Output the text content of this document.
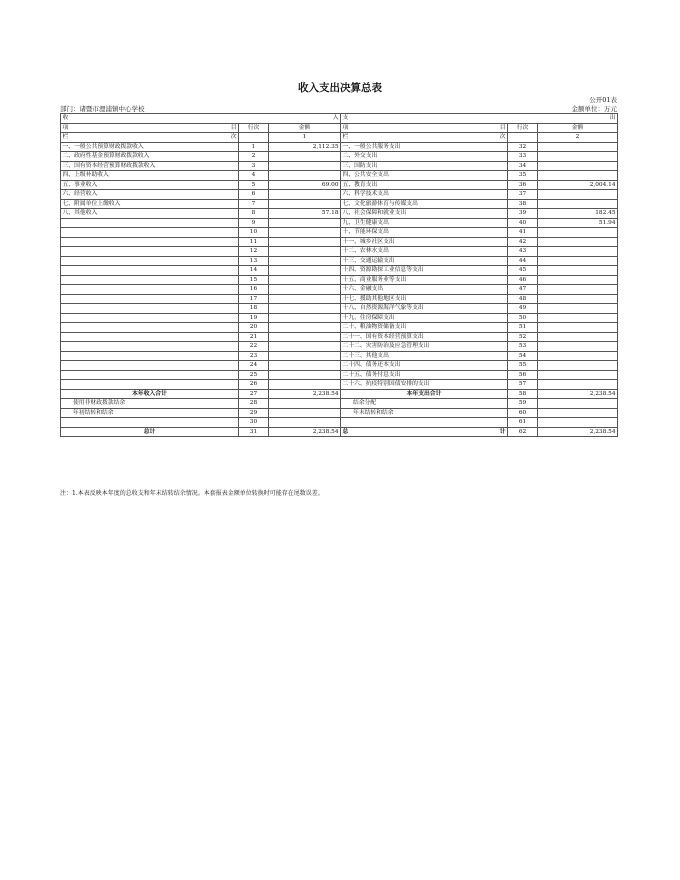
收入支出决算总表
公开01表
部门：诸暨市浬浦镇中心学校	金额单位：万元
收 入			支 出		

项 目	行次	金额	项 目	行次	金额

栏 次		1	栏 次		2
一、一般公共预算财政拨款收入	1	2,112.35	一、一般公共服务支出	32	
二、政府性基金预算财政拨款收入	2		二、外交支出	33	
三、国有资本经营预算财政拨款收入	3		三、国防支出	34	
四、上级补助收入	4		四、公共安全支出	35	
五、事业收入	5	69.00	五、教育支出	36	2,004.14
六、经营收入	6		六、科学技术支出	37	
七、附属单位上缴收入	7		七、文化旅游体育与传媒支出	38	
八、其他收入	8	57.18	八、社会保障和就业支出	39	182.45
	9		九、卫生健康支出	40	51.94
	10		十、节能环保支出	41	
	11		十一、城乡社区支出	42	
	12		十二、农林水支出	43	
	13		十三、交通运输支出	44	
	14		十四、资源勘探工业信息等支出	45	
	15		十五、商业服务业等支出	46	
	16		十六、金融支出	47	
	17		十七、援助其他地区支出	48	
	18		十八、自然资源海洋气象等支出	49	
	19		十九、住房保障支出	50	
	20		二十、粮油物资储备支出	51	
	21		二十一、国有资本经营预算支出	52	
	22		二十二、灾害防治及应急管理支出	53	
	23		二十三、其他支出	54	
	24		二十四、债务还本支出	55	
	25		二十五、债务付息支出	56	
	26		二十六、抗疫特别国债安排的支出	57	
本年收入合计	27	2,238.54	本年支出合计	58	2,238.54
使用非财政拨款结余	28		结余分配	59	
年初结转和结余	29		年末结转和结余	60	
	30			61	
总计	31	2,238.54	总 计	62	2,238.54
注：1.本表反映本年度的总收支和年末结转结余情况。本套报表金额单位转换时可能存在尾数误差。
